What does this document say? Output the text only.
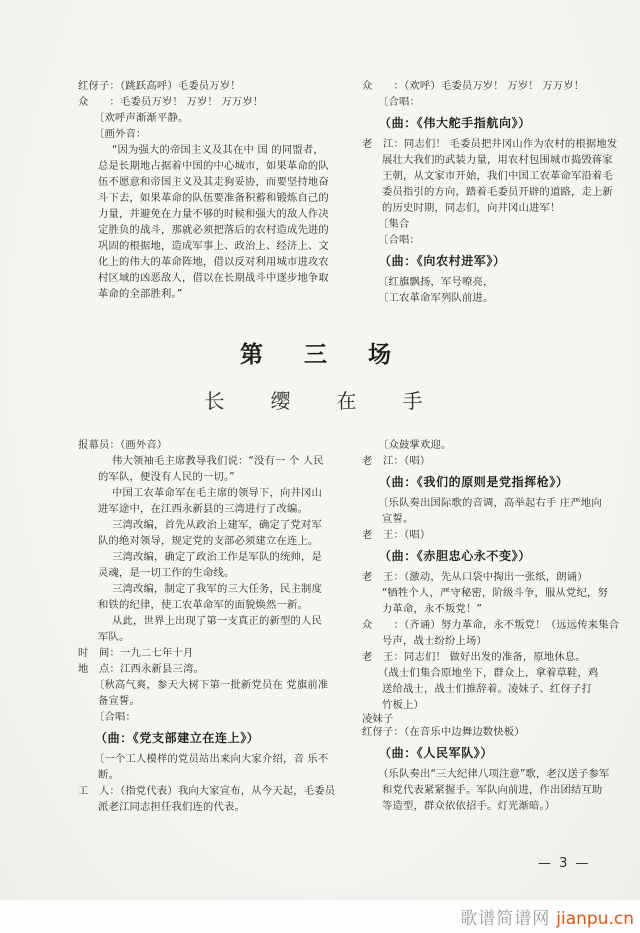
红伢子：（跳跃高呼）毛委员万岁！
众　　：毛委员万岁！ 万岁！ 万万岁！
〔欢呼声渐渐平静。
〔画外音：
“因为强大的帝国主义及其在中 国 的同盟者，
总是长期地占据着中国的中心城市，如果革命的队
伍不愿意和帝国主义及其走狗妥协，而要坚持地奋
斗下去，如果革命的队伍要准备积蓄和锻炼自己的
力量，并避免在力量不够的时候和强大的敌人作决
定胜负的战斗，那就必须把落后的农村造成先进的
巩固的根据地，造成军事上、政治上、经济上、文
化上的伟大的革命阵地，借以反对利用城市进攻农
村区域的凶恶敌人，借以在长期战斗中逐步地争取
革命的全部胜利。”
众　　：（欢呼）毛委员万岁！ 万岁！ 万万岁！
〔合唱：
（曲：《伟大舵手指航向》）
老　江：同志们！ 毛委员把井冈山作为农村的根据地发
展壮大我们的武装力量，用农村包围城市捣毁蒋家
王朝，从文家市开始，我们中国工农革命军沿着毛
委员指引的方向，踏着毛委员开辟的道路，走上新
的历史时期，同志们，向井冈山进军！
〔集合
〔合唱：
（曲：《向农村进军》）
〔红旗飘扬，军号嘹亮，
〔工农革命军列队前进。
第　三　场
长　缨　在　手
报幕员：（画外音）
伟大领袖毛主席教导我们说：“没有一 个 人民
的军队，便没有人民的一切。”
中国工农革命军在毛主席的领导下，向井冈山
进军途中，在江西永新县的三湾进行了改编。
三湾改编，首先从政治上建军，确定了党对军
队的绝对领导，规定党的支部必须建立在连上。
三湾改编，确定了政治工作是军队的统帅，是
灵魂，是一切工作的生命线。
三湾改编，制定了我军的三大任务，民主制度
和铁的纪律，使工农革命军的面貌焕然一新。
从此，世界上出现了第一支真正的新型的人民
军队。
时　间：一九二七年十月
地　点：江西永新县三湾。
〔秋高气爽，参天大树下第一批新党员在 党旗前准
备宣誓。
〔合唱：
（曲：《党支部建立在连上》）
〔一个工人模样的党员站出来向大家介绍，音 乐不
断。
工　人：（指党代表）我向大家宣布，从今天起，毛委员
派老江同志担任我们连的代表。
〔众鼓掌欢迎。
老　江：（唱）
（曲：《我们的原则是党指挥枪》）
〔乐队奏出国际歌的音调，高举起右手 庄严地向
宣誓。
老　王：（唱）
（曲：《赤胆忠心永不变》）
老　王：（激动，先从口袋中掏出一张纸，朗诵）
“牺牲个人，严守秘密，阶级斗争，服从党纪，努
力革命，永不叛党！”
众　　：（齐诵）努力革命，永不叛党！（远远传来集合
号声，战士纷纷上场）
老　王：同志们！ 做好出发的准备，原地休息。
（战士们集合原地坐下，群众上，拿着草鞋，鸡
送给战士，战士们推辞着。凌妹子、红伢子打
竹板上）
凌妹子
红伢子：（在音乐中边舞边数快板）
（曲：《人民军队》）
（乐队奏出“三大纪律八项注意”歌，老汉送子参军
和党代表紧紧握手。军队向前进，作出团结互助
等造型，群众依依招手。灯光渐暗。）
— 3 —
歌谱简谱网 jianpu.cn
